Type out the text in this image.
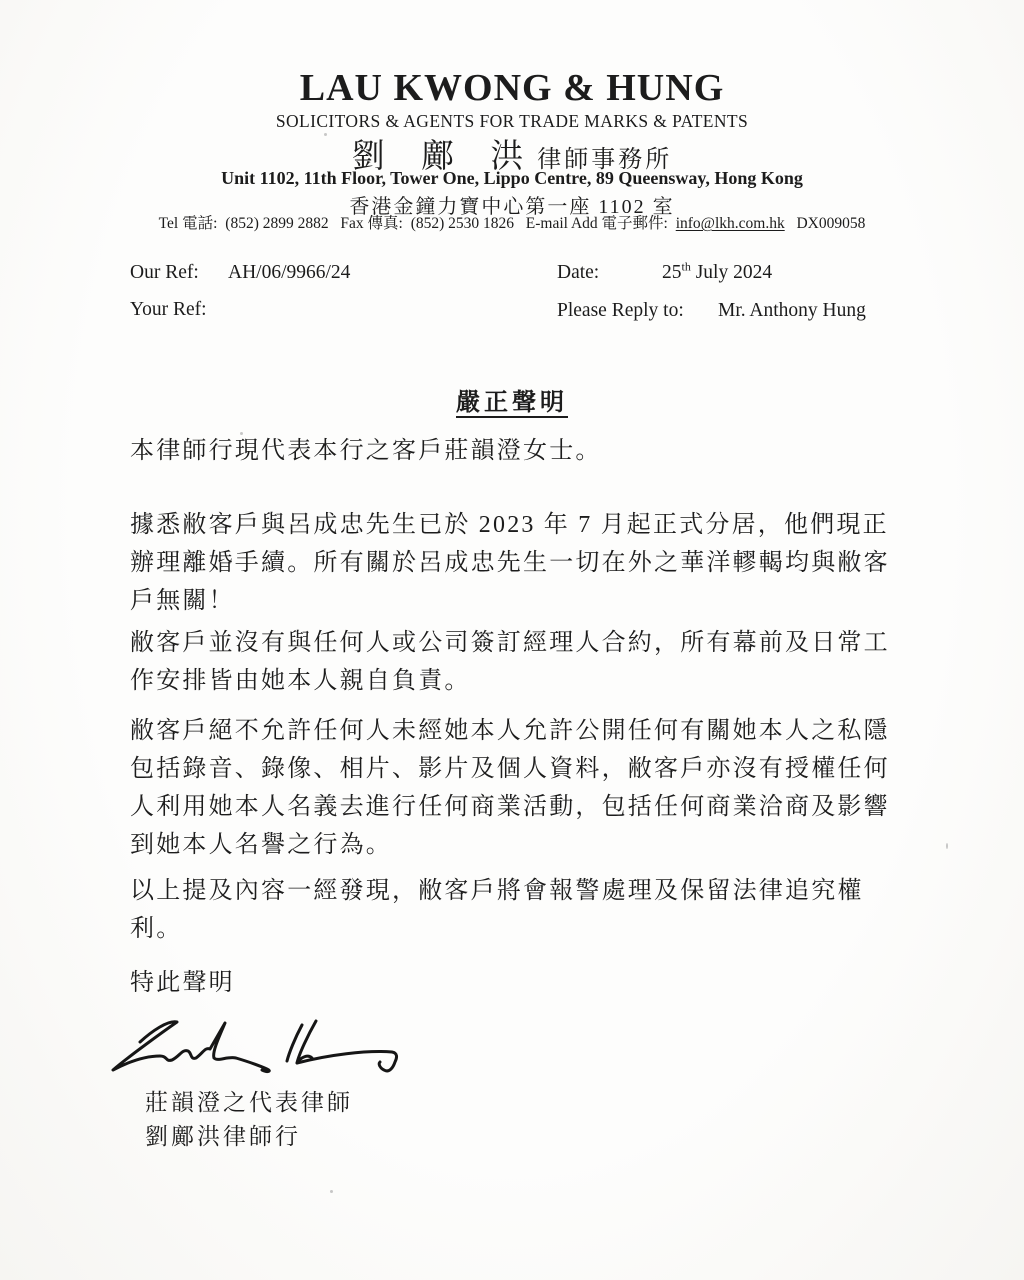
LAU KWONG & HUNG
SOLICITORS & AGENTS FOR TRADE MARKS & PATENTS
劉 鄺 洪律師事務所
Unit 1102, 11th Floor, Tower One, Lippo Centre, 89 Queensway, Hong Kong
香港金鐘力寶中心第一座 1102 室
Tel 電話: (852) 2899 2882 Fax 傳真: (852) 2530 1826 E-mail Add 電子郵件: info@lkh.com.hk DX009058
Our Ref: AH/06/9966/24	Date:	25th July 2024
Your Ref:	Please Reply to: Mr. Anthony Hung
嚴正聲明
本律師行現代表本行之客戶莊韻澄女士。
據悉敝客戶與呂成忠先生已於 2023 年 7 月起正式分居，他們現正
辦理離婚手續。所有關於呂成忠先生一切在外之華洋轇輵均與敝客
戶無關！
敝客戶並沒有與任何人或公司簽訂經理人合約，所有幕前及日常工
作安排皆由她本人親自負責。
敝客戶絕不允許任何人未經她本人允許公開任何有關她本人之私隱
包括錄音、錄像、相片、影片及個人資料，敝客戶亦沒有授權任何
人利用她本人名義去進行任何商業活動，包括任何商業洽商及影響
到她本人名譽之行為。
以上提及內容一經發現，敝客戶將會報警處理及保留法律追究權
利。
特此聲明
莊韻澄之代表律師
劉鄺洪律師行
